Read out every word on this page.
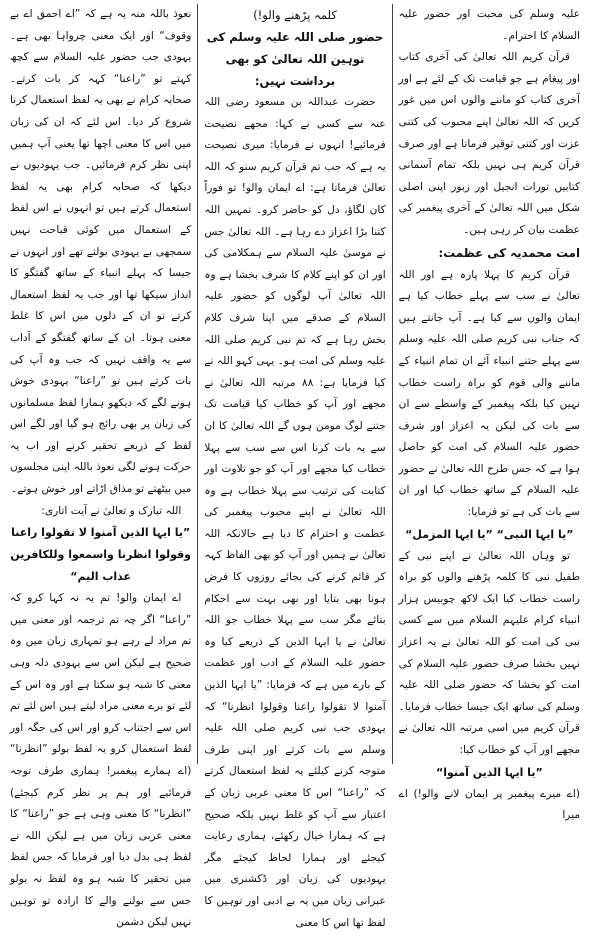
علیہ وسلم کی محبت اور حضور علیہ السلام کا احترام۔

قرآن کریم اللہ تعالیٰ کی آخری کتاب اور پیغام ہے جو قیامت تک کے لئے ہے اور آخری کتاب کو ماننے والوں اس میں غور کریں کہ اللہ تعالیٰ اپنے محبوب کی کتنی عزت اور کتنی توقیر فرماتا ہے اور صرف قرآن کریم ہی نہیں بلکہ تمام آسمانی کتابیں تورات انجیل اور زبور اپنی اصلی شکل میں اللہ تعالیٰ کے آخری پیغمبر کی عظمت بیان کر رہی ہیں۔

امت محمدیہ کی عظمت:

قرآن کریم کا پہلا پارہ ہے اور اللہ تعالیٰ نے سب سے پہلے خطاب کیا ہے ایمان والوں سے کیا ہے۔ آپ جانتے ہیں کہ جناب نبی کریم صلی اللہ علیہ وسلم سے پہلے جتنے انبیاء آئے ان تمام انبیاء کے ماننے والی قوم کو براہ راست خطاب نہیں کیا بلکہ پیغمبر کے واسطے سے ان سے بات کی لیکن یہ اعزاز اور شرف حضور علیہ السلام کی امت کو حاصل ہوا ہے کہ جس طرح اللہ تعالیٰ نے حضور علیہ السلام کے ساتھ خطاب کیا اور ان سے بات کی ہے تو فرمایا:

”یا ایہا النبی“ ”یا ایہا المزمل“

تو وہاں اللہ تعالیٰ نے اپنے نبی کے طفیل نبی کا کلمہ پڑھنے والوں کو براہ راست خطاب کیا ایک لاکھ چوبیس ہزار انبیاء کرام علیہم السلام میں سے کسی نبی کی امت کو اللہ تعالیٰ نے یہ اعزاز نہیں بخشا صرف حضور علیہ السلام کی امت کو بخشا کہ حضور صلی اللہ علیہ وسلم کی ساتھ ایک جیسا خطاب فرمایا۔ قرآن کریم میں اسی مرتبہ اللہ تعالیٰ نے مجھے اور آپ کو خطاب کیا:

”یا ایہا الذین آمنوا“

(اے میرے پیغمبر پر ایمان لانے والو!) اے میرا

کلمہ پڑھنے والو!)

حضور صلی اللہ علیہ وسلم کی توہین اللہ تعالیٰ کو بھی برداشت نہیں:

حضرت عبداللہ بن مسعود رضی اللہ عنہ سے کسی نے کہا: مجھے نصیحت فرمائیے! انہوں نے فرمایا: میری نصیحت یہ ہے کہ جب تم قرآن کریم سنو کہ اللہ تعالیٰ فرماتا ہے: اے ایمان والو! تو فوراً کان لگاؤ، دل کو حاضر کرو۔ تمہیں اللہ کتنا بڑا اعزاز دے رہا ہے۔ اللہ تعالیٰ جس نے موسیٰ علیہ السلام سے ہمکلامی کی اور ان کو اپنے کلام کا شرف بخشا ہے وہ اللہ تعالیٰ آپ لوگوں کو حضور علیہ السلام کے صدقے میں اپنا شرف کلام بخش رہا ہے کہ تم نبی کریم صلی اللہ علیہ وسلم کی امت ہو۔ یہی کہو اللہ نے کیا فرمایا ہے: ۸۸ مرتبہ اللہ تعالیٰ نے مجھے اور آپ کو خطاب کیا قیامت تک جتنے لوگ مومن ہوں گے اللہ تعالیٰ کا ان سے یہ بات کرنا اس سے سب سے پہلا خطاب کیا مجھے اور آپ کو جو تلاوت اور کتابت کی ترتیب سے پہلا خطاب ہے وہ اللہ تعالیٰ نے اپنے محبوب پیغمبر کی عظمت و احترام کا دیا ہے حالانکہ اللہ تعالیٰ نے ہمیں اور آپ کو بھی الفاظ کہہ کر قائم کرنے کی بجائے روزوں کا فرض ہونا بھی بتایا اور بھی بہت سے احکام بتائے مگر سب سے پہلا خطاب جو اللہ تعالیٰ نے یا ایہا الذین کے ذریعے کیا وہ حضور علیہ السلام کے ادب اور عظمت کے بارے میں ہے کہ فرمایا: ”یا ایہا الذین آمنوا لا تقولوا راعنا وقولوا انظرنا“ کہ یہودی جب نبی کریم صلی اللہ علیہ وسلم سے بات کرتے اور اپنی طرف متوجہ کرنے کیلئے یہ لفظ استعمال کرتے کہ ”راعنا“ اس کا معنی عربی زبان کے اعتبار سے آپ کو غلط نہیں بلکہ صحیح ہے کہ ہمارا خیال رکھئے، ہماری رعایت کیجئے اور ہمارا لحاظ کیجئے مگر یہودیوں کی زبان اور ڈکشنری میں عبرانی زبان میں یہ بے ادبی اور توہین کا لفظ تھا اس کا معنی

نعوذ باللہ منہ یہ ہے کہ ”اے احمق اے بے وقوف“ اور ایک معنی چرواہا بھی ہے۔ یہودی جب حضور علیہ السلام سے کچھ کہتے تو ”راعنا“ کہہ کر بات کرتے۔ صحابہ کرام نے بھی یہ لفظ استعمال کرنا شروع کر دیا۔ اس لئے کہ ان کی زبان میں اس کا معنی اچھا تھا یعنی آپ ہمیں اپنی نظر کرم فرمائیں۔ جب یہودیوں نے دیکھا کہ صحابہ کرام بھی یہ لفظ استعمال کرتے ہیں تو انہوں نے اس لفظ کے استعمال میں کوئی قباحت نہیں سمجھی بے یہودی بولتے تھے اور انہوں نے جیسا کہ پہلے انبیاء کے ساتھ گفتگو کا انداز سیکھا تھا اور جب یہ لفظ استعمال کرتے تو ان کے دلوں میں اس کا غلط معنی ہوتا۔ ان کے ساتھ گفتگو کے آداب سے یہ واقف نہیں کہ جب وہ آپ کی بات کرتے ہیں تو ”راعنا“ یہودی خوش ہونے لگے کہ دیکھو ہمارا لفظ مسلمانوں کی زبان پر بھی رائج ہو گیا اور لگے اس لفظ کے ذریعے تحقیر کرنے اور اب یہ حرکت ہونے لگی نعوذ باللہ اپنی مجلسوں میں بیٹھتے تو مذاق اڑاتے اور خوش ہوتے۔

اللہ تبارک و تعالیٰ نے آیت اتاری:

”یا ایہا الذین آمنوا لا تقولوا راعنا وقولوا انظرنا واسمعوا وللکافرین عذاب الیم“

اے ایمان والو! تم یہ نہ کہا کرو کہ ”راعنا“ اگر چہ تم ترجمہ اور معنی میں تم مراد لے رہے ہو تمہاری زبان میں وہ صحیح ہے لیکن اس سے یہودی دلہ وہی معنی کا شبہ ہو سکتا ہے اور وہ اس کے لئے تو برے معنی مراد لیتے ہیں اس لئے تم اس سے اجتناب کرو اور اس کی جگہ اور لفظ استعمال کرو یہ لفظ بولو ”انظرنا“ (اے ہمارے پیغمبر! ہماری طرف توجہ فرمائیے اور ہم پر نظر کرم کیجئے) ”انظرنا“ کا معنی وہی ہے جو ”راعنا“ کا معنی عربی زبان میں ہے لیکن اللہ نے لفظ ہی بدل دیا اور فرمایا کہ جس لفظ میں تحقیر کا شبہ ہو وہ لفظ نہ بولو جس سے بولنے والے کا ارادہ تو توہین نہیں لیکن دشمن
